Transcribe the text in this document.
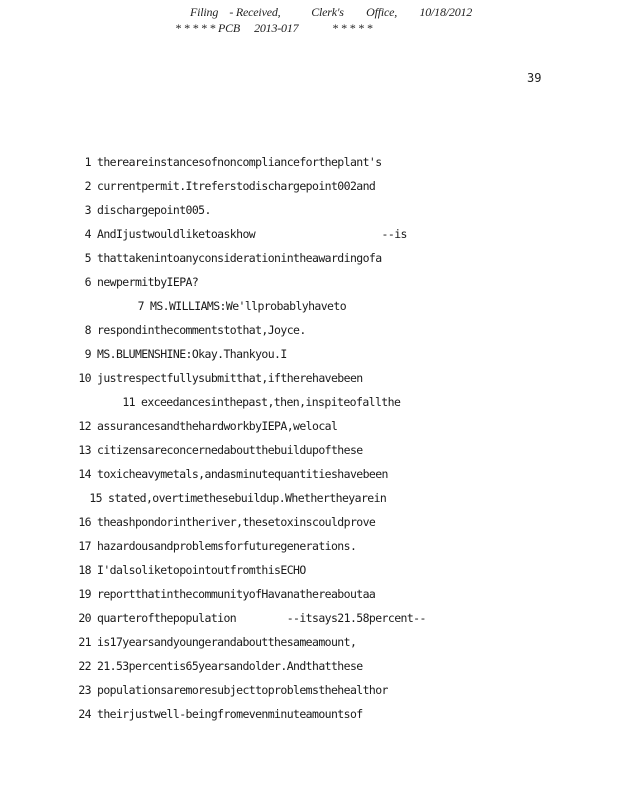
Filing    - Received,           Clerk's        Office,        10/18/2012
* * * * * PCB     2013-017            * * * * *
39
1 thereareinstancesofnoncompliancefortheplant's
2 currentpermit.Itreferstodischargepoint002and
3 dischargepoint005.
4 AndIjustwouldliketoaskhow                    --is
5 thattakenintoanyconsiderationintheawardingofa
6 newpermitbyIEPA?
7 MS.WILLIAMS:We'llprobablyhaveto
8 respondinthecommentstothat,Joyce.
9 MS.BLUMENSHINE:Okay.Thankyou.I
10 justrespectfullysubmitthat,iftherehavebeen
11 exceedancesinthepast,then,inspiteofallthe
12 assurancesandthehardworkbyIEPA,welocal
13 citizensareconcernedaboutthebuildupofthese
14 toxicheavymetals,andasminutequantitieshavebeen
15 stated,overtimethesebuildup.Whethertheyarein
16 theashpondorintheriver,thesetoxinscouldprove
17 hazardousandproblemsforfuturegenerations.
18 I'dalsoliketopointoutfromthisECHO
19 reportthatinthecommunityofHavanathereaboutaa
20 quarterofthepopulation        --itsays21.58percent--
21 is17yearsandyoungerandaboutthesameamount,
22 21.53percentis65yearsandolder.Andthatthese
23 populationsaremoresubjecttoproblemsthehealthor
24 theirjustwell-beingfromevenminuteamountsof
